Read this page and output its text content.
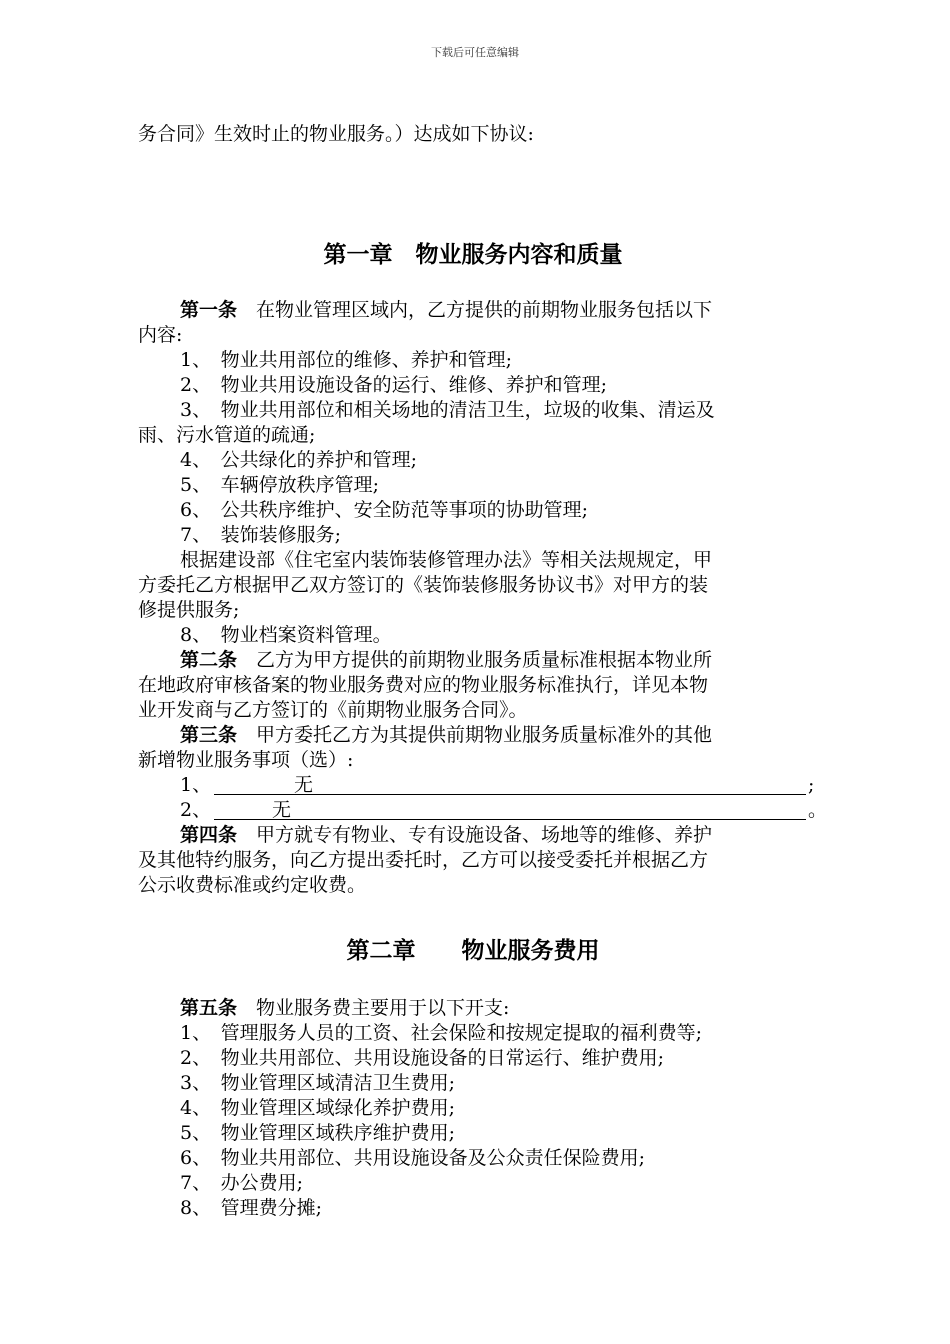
下载后可任意编辑
务合同》生效时止的物业服务。）达成如下协议:
第一章　物业服务内容和质量
第一条　在物业管理区域内，乙方提供的前期物业服务包括以下
内容:
1、　物业共用部位的维修、养护和管理;
2、　物业共用设施设备的运行、维修、养护和管理;
3、　物业共用部位和相关场地的清洁卫生，垃圾的收集、清运及
雨、污水管道的疏通;
4、　公共绿化的养护和管理;
5、　车辆停放秩序管理;
6、　公共秩序维护、安全防范等事项的协助管理;
7、　装饰装修服务;
根据建设部《住宅室内装饰装修管理办法》等相关法规规定，甲
方委托乙方根据甲乙双方签订的《装饰装修服务协议书》对甲方的装
修提供服务;
8、　物业档案资料管理。
第二条　乙方为甲方提供的前期物业服务质量标准根据本物业所
在地政府审核备案的物业服务费对应的物业服务标准执行，详见本物
业开发商与乙方签订的《前期物业服务合同》。
第三条　甲方委托乙方为其提供前期物业服务质量标准外的其他
新增物业服务事项（选）:
1、	无	;
2、	无	。
第四条　甲方就专有物业、专有设施设备、场地等的维修、养护
及其他特约服务，向乙方提出委托时，乙方可以接受委托并根据乙方
公示收费标准或约定收费。
第二章　　物业服务费用
第五条　物业服务费主要用于以下开支:
1、　管理服务人员的工资、社会保险和按规定提取的福利费等;
2、　物业共用部位、共用设施设备的日常运行、维护费用;
3、　物业管理区域清洁卫生费用;
4、　物业管理区域绿化养护费用;
5、　物业管理区域秩序维护费用;
6、　物业共用部位、共用设施设备及公众责任保险费用;
7、　办公费用;
8、　管理费分摊;
